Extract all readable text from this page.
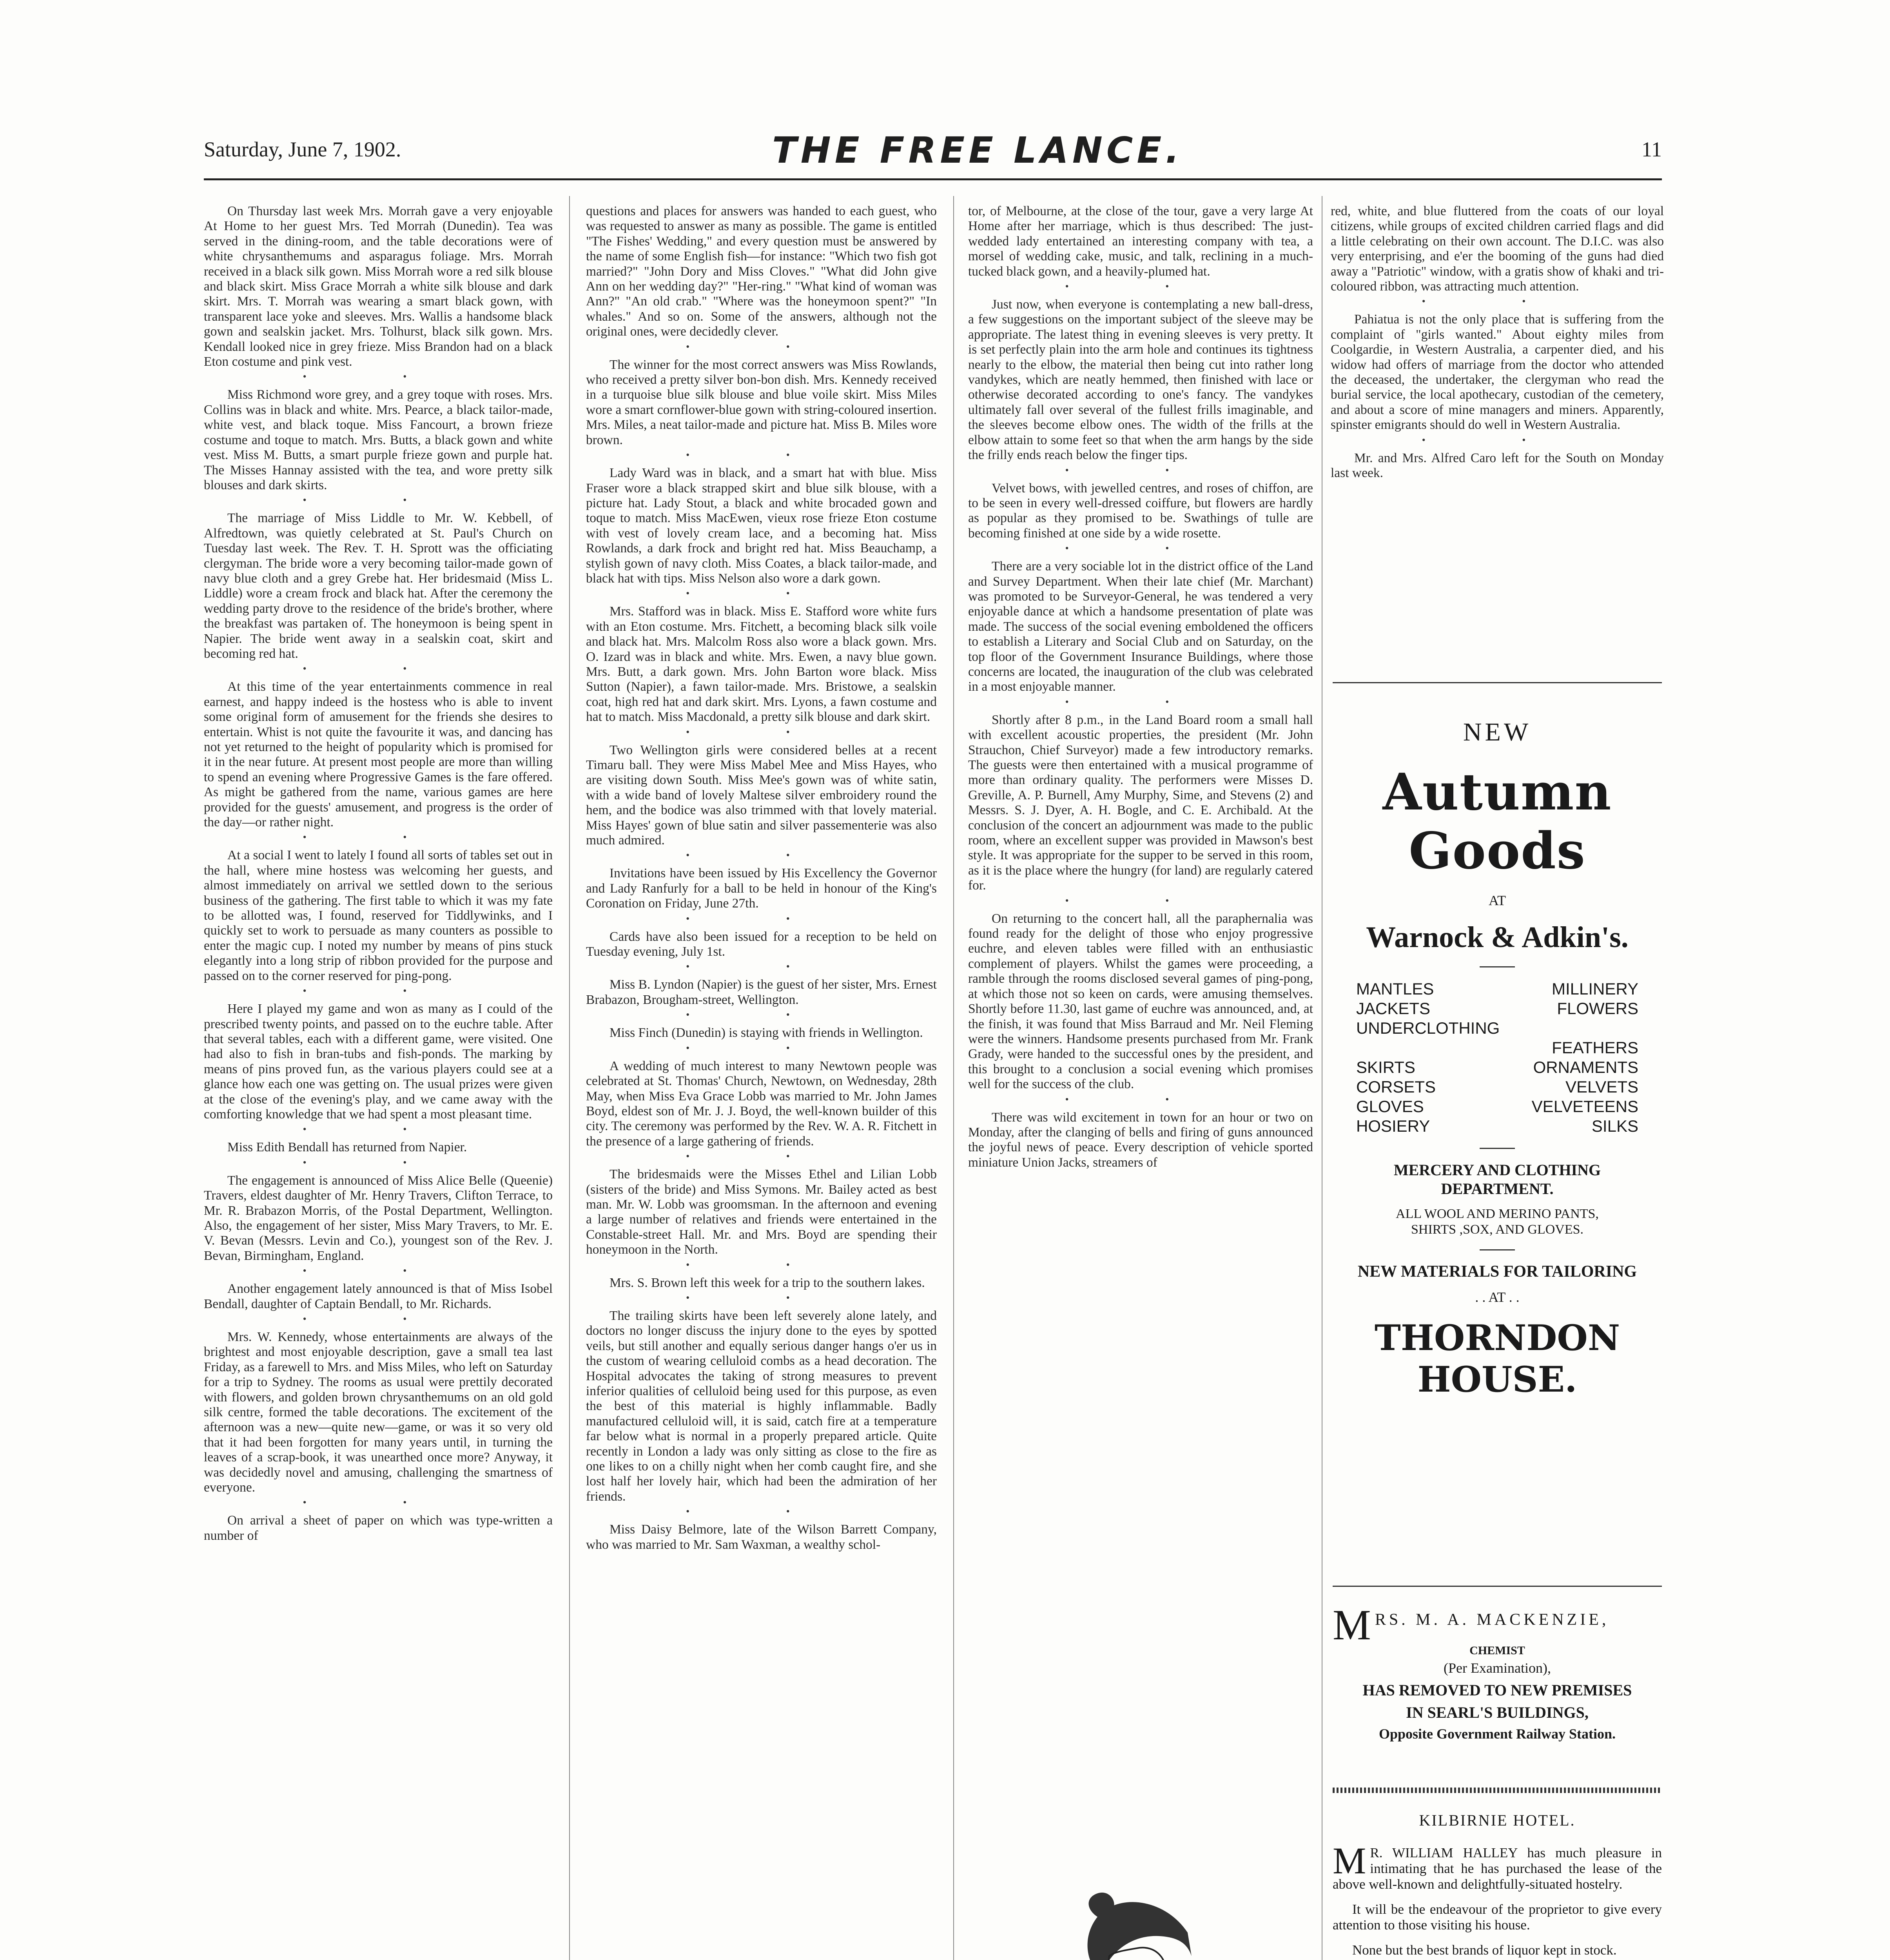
Saturday, June 7, 1902.	THE FREE LANCE.	11

On Thursday last week Mrs. Morrah gave a very enjoyable At Home to her guest Mrs. Ted Morrah (Dunedin). Tea was served in the dining-room, and the table decorations were of white chrysanthemums and asparagus foliage. Mrs. Morrah received in a black silk gown. Miss Morrah wore a red silk blouse and black skirt. Miss Grace Morrah a white silk blouse and dark skirt. Mrs. T. Morrah was wearing a smart black gown, with transparent lace yoke and sleeves. Mrs. Wallis a handsome black gown and sealskin jacket. Mrs. Tolhurst, black silk gown. Mrs. Kendall looked nice in grey frieze. Miss Brandon had on a black Eton costume and pink vest.

• •

Miss Richmond wore grey, and a grey toque with roses. Mrs. Collins was in black and white. Mrs. Pearce, a black tailor-made, white vest, and black toque. Miss Fancourt, a brown frieze costume and toque to match. Mrs. Butts, a black gown and white vest. Miss M. Butts, a smart purple frieze gown and purple hat. The Misses Hannay assisted with the tea, and wore pretty silk blouses and dark skirts.

• •

The marriage of Miss Liddle to Mr. W. Kebbell, of Alfredtown, was quietly celebrated at St. Paul's Church on Tuesday last week. The Rev. T. H. Sprott was the officiating clergyman. The bride wore a very becoming tailor-made gown of navy blue cloth and a grey Grebe hat. Her bridesmaid (Miss L. Liddle) wore a cream frock and black hat. After the ceremony the wedding party drove to the residence of the bride's brother, where the breakfast was partaken of. The honeymoon is being spent in Napier. The bride went away in a sealskin coat, skirt and becoming red hat.

• •

At this time of the year entertainments commence in real earnest, and happy indeed is the hostess who is able to invent some original form of amusement for the friends she desires to entertain. Whist is not quite the favourite it was, and dancing has not yet returned to the height of popularity which is promised for it in the near future. At present most people are more than willing to spend an evening where Progressive Games is the fare offered. As might be gathered from the name, various games are here provided for the guests' amusement, and progress is the order of the day—or rather night.

• •

At a social I went to lately I found all sorts of tables set out in the hall, where mine hostess was welcoming her guests, and almost immediately on arrival we settled down to the serious business of the gathering. The first table to which it was my fate to be allotted was, I found, reserved for Tiddlywinks, and I quickly set to work to persuade as many counters as possible to enter the magic cup. I noted my number by means of pins stuck elegantly into a long strip of ribbon provided for the purpose and passed on to the corner reserved for ping-pong.

• •

Here I played my game and won as many as I could of the prescribed twenty points, and passed on to the euchre table. After that several tables, each with a different game, were visited. One had also to fish in bran-tubs and fish-ponds. The marking by means of pins proved fun, as the various players could see at a glance how each one was getting on. The usual prizes were given at the close of the evening's play, and we came away with the comforting knowledge that we had spent a most pleasant time.

• •

Miss Edith Bendall has returned from Napier.

• •

The engagement is announced of Miss Alice Belle (Queenie) Travers, eldest daughter of Mr. Henry Travers, Clifton Terrace, to Mr. R. Brabazon Morris, of the Postal Department, Wellington. Also, the engagement of her sister, Miss Mary Travers, to Mr. E. V. Bevan (Messrs. Levin and Co.), youngest son of the Rev. J. Bevan, Birmingham, England.

• •

Another engagement lately announced is that of Miss Isobel Bendall, daughter of Captain Bendall, to Mr. Richards.

• •

Mrs. W. Kennedy, whose entertainments are always of the brightest and most enjoyable description, gave a small tea last Friday, as a farewell to Mrs. and Miss Miles, who left on Saturday for a trip to Sydney. The rooms as usual were prettily decorated with flowers, and golden brown chrysanthemums on an old gold silk centre, formed the table decorations. The excitement of the afternoon was a new—quite new—game, or was it so very old that it had been forgotten for many years until, in turning the leaves of a scrap-book, it was unearthed once more? Anyway, it was decidedly novel and amusing, challenging the smartness of everyone.

• •

On arrival a sheet of paper on which was type-written a number of

questions and places for answers was handed to each guest, who was requested to answer as many as possible. The game is entitled "The Fishes' Wedding," and every question must be answered by the name of some English fish—for instance: "Which two fish got married?" "John Dory and Miss Cloves." "What did John give Ann on her wedding day?" "Her-ring." "What kind of woman was Ann?" "An old crab." "Where was the honeymoon spent?" "In whales." And so on. Some of the answers, although not the original ones, were decidedly clever.

• •

The winner for the most correct answers was Miss Rowlands, who received a pretty silver bon-bon dish. Mrs. Kennedy received in a turquoise blue silk blouse and blue voile skirt. Miss Miles wore a smart cornflower-blue gown with string-coloured insertion. Mrs. Miles, a neat tailor-made and picture hat. Miss B. Miles wore brown.

• •

Lady Ward was in black, and a smart hat with blue. Miss Fraser wore a black strapped skirt and blue silk blouse, with a picture hat. Lady Stout, a black and white brocaded gown and toque to match. Miss MacEwen, vieux rose frieze Eton costume with vest of lovely cream lace, and a becoming hat. Miss Rowlands, a dark frock and bright red hat. Miss Beauchamp, a stylish gown of navy cloth. Miss Coates, a black tailor-made, and black hat with tips. Miss Nelson also wore a dark gown.

• •

Mrs. Stafford was in black. Miss E. Stafford wore white furs with an Eton costume. Mrs. Fitchett, a becoming black silk voile and black hat. Mrs. Malcolm Ross also wore a black gown. Mrs. O. Izard was in black and white. Mrs. Ewen, a navy blue gown. Mrs. Butt, a dark gown. Mrs. John Barton wore black. Miss Sutton (Napier), a fawn tailor-made. Mrs. Bristowe, a sealskin coat, high red hat and dark skirt. Mrs. Lyons, a fawn costume and hat to match. Miss Macdonald, a pretty silk blouse and dark skirt.

• •

Two Wellington girls were considered belles at a recent Timaru ball. They were Miss Mabel Mee and Miss Hayes, who are visiting down South. Miss Mee's gown was of white satin, with a wide band of lovely Maltese silver embroidery round the hem, and the bodice was also trimmed with that lovely material. Miss Hayes' gown of blue satin and silver passementerie was also much admired.

• •

Invitations have been issued by His Excellency the Governor and Lady Ranfurly for a ball to be held in honour of the King's Coronation on Friday, June 27th.

• •

Cards have also been issued for a reception to be held on Tuesday evening, July 1st.

• •

Miss B. Lyndon (Napier) is the guest of her sister, Mrs. Ernest Brabazon, Brougham-street, Wellington.

• •

Miss Finch (Dunedin) is staying with friends in Wellington.

• •

A wedding of much interest to many Newtown people was celebrated at St. Thomas' Church, Newtown, on Wednesday, 28th May, when Miss Eva Grace Lobb was married to Mr. John James Boyd, eldest son of Mr. J. J. Boyd, the well-known builder of this city. The ceremony was performed by the Rev. W. A. R. Fitchett in the presence of a large gathering of friends.

• •

The bridesmaids were the Misses Ethel and Lilian Lobb (sisters of the bride) and Miss Symons. Mr. Bailey acted as best man. Mr. W. Lobb was groomsman. In the afternoon and evening a large number of relatives and friends were entertained in the Constable-street Hall. Mr. and Mrs. Boyd are spending their honeymoon in the North.

• •

Mrs. S. Brown left this week for a trip to the southern lakes.

• •

The trailing skirts have been left severely alone lately, and doctors no longer discuss the injury done to the eyes by spotted veils, but still another and equally serious danger hangs o'er us in the custom of wearing celluloid combs as a head decoration. The Hospital advocates the taking of strong measures to prevent inferior qualities of celluloid being used for this purpose, as even the best of this material is highly inflammable. Badly manufactured celluloid will, it is said, catch fire at a temperature far below what is normal in a properly prepared article. Quite recently in London a lady was only sitting as close to the fire as one likes to on a chilly night when her comb caught fire, and she lost half her lovely hair, which had been the admiration of her friends.

• •

Miss Daisy Belmore, late of the Wilson Barrett Company, who was married to Mr. Sam Waxman, a wealthy schol-

tor, of Melbourne, at the close of the tour, gave a very large At Home after her marriage, which is thus described: The just-wedded lady entertained an interesting company with tea, a morsel of wedding cake, music, and talk, reclining in a much-tucked black gown, and a heavily-plumed hat.

• •

Just now, when everyone is contemplating a new ball-dress, a few suggestions on the important subject of the sleeve may be appropriate. The latest thing in evening sleeves is very pretty. It is set perfectly plain into the arm hole and continues its tightness nearly to the elbow, the material then being cut into rather long vandykes, which are neatly hemmed, then finished with lace or otherwise decorated according to one's fancy. The vandykes ultimately fall over several of the fullest frills imaginable, and the sleeves become elbow ones. The width of the frills at the elbow attain to some feet so that when the arm hangs by the side the frilly ends reach below the finger tips.

• •

Velvet bows, with jewelled centres, and roses of chiffon, are to be seen in every well-dressed coiffure, but flowers are hardly as popular as they promised to be. Swathings of tulle are becoming finished at one side by a wide rosette.

• •

There are a very sociable lot in the district office of the Land and Survey Department. When their late chief (Mr. Marchant) was promoted to be Surveyor-General, he was tendered a very enjoyable dance at which a handsome presentation of plate was made. The success of the social evening emboldened the officers to establish a Literary and Social Club and on Saturday, on the top floor of the Government Insurance Buildings, where those concerns are located, the inauguration of the club was celebrated in a most enjoyable manner.

• •

Shortly after 8 p.m., in the Land Board room a small hall with excellent acoustic properties, the president (Mr. John Strauchon, Chief Surveyor) made a few introductory remarks. The guests were then entertained with a musical programme of more than ordinary quality. The performers were Misses D. Greville, A. P. Burnell, Amy Murphy, Sime, and Stevens (2) and Messrs. S. J. Dyer, A. H. Bogle, and C. E. Archibald. At the conclusion of the concert an adjournment was made to the public room, where an excellent supper was provided in Mawson's best style. It was appropriate for the supper to be served in this room, as it is the place where the hungry (for land) are regularly catered for.

• •

On returning to the concert hall, all the paraphernalia was found ready for the delight of those who enjoy progressive euchre, and eleven tables were filled with an enthusiastic complement of players. Whilst the games were proceeding, a ramble through the rooms disclosed several games of ping-pong, at which those not so keen on cards, were amusing themselves. Shortly before 11.30, last game of euchre was announced, and, at the finish, it was found that Miss Barraud and Mr. Neil Fleming were the winners. Handsome presents purchased from Mr. Frank Grady, were handed to the successful ones by the president, and this brought to a conclusion a social evening which promises well for the success of the club.

• •

There was wild excitement in town for an hour or two on Monday, after the clanging of bells and firing of guns announced the joyful news of peace. Every description of vehicle sported miniature Union Jacks, streamers of

red, white, and blue fluttered from the coats of our loyal citizens, while groups of excited children carried flags and did a little celebrating on their own account. The D.I.C. was also very enterprising, and e'er the booming of the guns had died away a "Patriotic" window, with a gratis show of khaki and tri-coloured ribbon, was attracting much attention.

• •

Pahiatua is not the only place that is suffering from the complaint of "girls wanted." About eighty miles from Coolgardie, in Western Australia, a carpenter died, and his widow had offers of marriage from the doctor who attended the deceased, the undertaker, the clergyman who read the burial service, the local apothecary, custodian of the cemetery, and about a score of mine managers and miners. Apparently, spinster emigrants should do well in Western Australia.

• •

Mr. and Mrs. Alfred Caro left for the South on Monday last week.

NEW
Autumn Goods
AT
Warnock & Adkin's.
MANTLES
JACKETS
UNDERCLOTHING
SKIRTS
CORSETS
GLOVES
HOSIERY
MILLINERY
FLOWERS
FEATHERS
ORNAMENTS
VELVETS
VELVETEENS
SILKS
MERCERY AND CLOTHING DEPARTMENT.
ALL WOOL AND MERINO PANTS, SHIRTS ,SOX, AND GLOVES.
NEW MATERIALS FOR TAILORING
. . AT . .
THORNDON HOUSE.
M RS. M. A. MACKENZIE,
CHEMIST
(Per Examination),
HAS REMOVED TO NEW PREMISES
IN SEARL'S BUILDINGS,
Opposite Government Railway Station.
KILBIRNIE HOTEL.
M R. WILLIAM HALLEY has much pleasure in intimating that he has purchased the lease of the above well-known and delightfully-situated hostelry.
It will be the endeavour of the proprietor to give every attention to those visiting his house.
None but the best brands of liquor kept in stock.
